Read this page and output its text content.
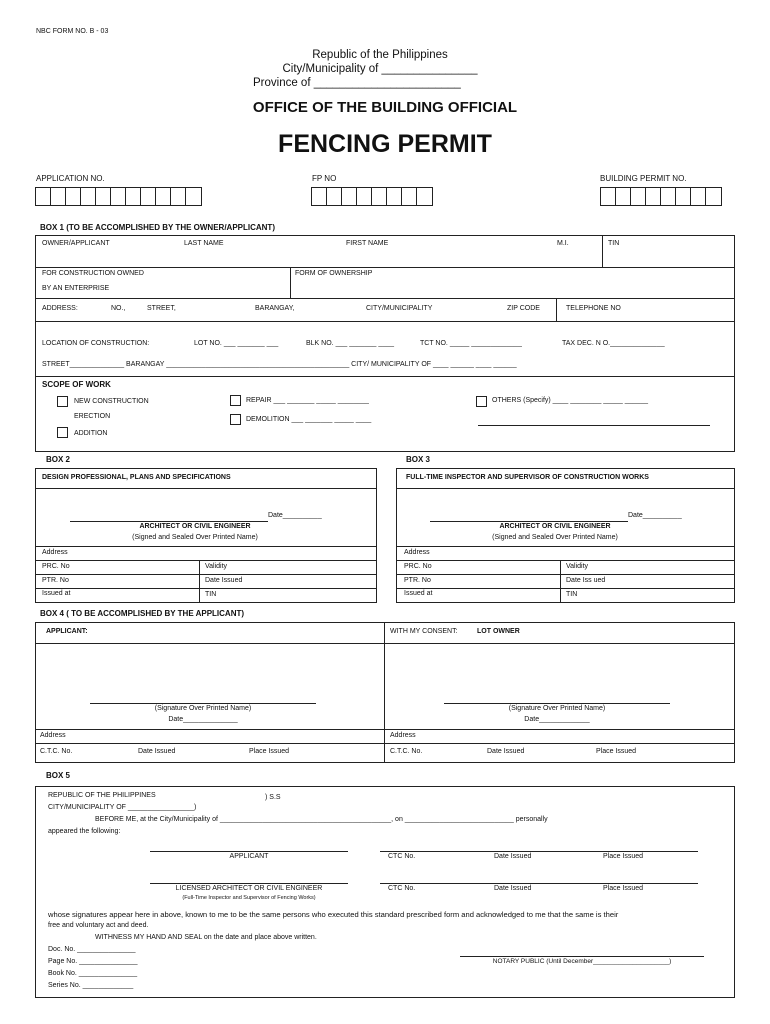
NBC FORM NO. B - 03
Republic of the Philippines
City/Municipality of _______________
Province of _______________________
OFFICE OF THE BUILDING OFFICIAL
FENCING PERMIT
APPLICATION NO.	FP NO	BUILDING PERMIT NO.
BOX 1 (TO BE ACCOMPLISHED BY THE OWNER/APPLICANT)
OWNER/APPLICANT	LAST NAME	FIRST NAME	M.I.	TIN
FOR CONSTRUCTION OWNED
BY AN ENTERPRISE
FORM OF OWNERSHIP
ADDRESS:	NO.,	STREET,	BARANGAY,	CITY/MUNICIPALITY	ZIP CODE	TELEPHONE NO
LOCATION OF CONSTRUCTION:	LOT NO. ___ _______ ___	BLK NO. ___ _______ ____	TCT NO. _____ _____________	TAX DEC. N O.______________
STREET______________ BARANGAY _______________________________________________ CITY/ MUNICIPALITY OF ____ ______ ____ ______
SCOPE OF WORK
NEW CONSTRUCTION
ERECTION
ADDITION
REPAIR ___ _______ _____ ________
DEMOLITION ___ _______ _____ ____
OTHERS (Specify) ____ ________ _____ ______
BOX 2	BOX 3
DESIGN PROFESSIONAL, PLANS AND SPECIFICATIONS
Date__________
ARCHITECT OR CIVIL ENGINEER
(Signed and Sealed Over Printed Name)
Address
PRC. No	Validity
PTR. No	Date Issued
Issued at	TIN
FULL-TIME INSPECTOR AND SUPERVISOR OF CONSTRUCTION WORKS
Date__________
ARCHITECT OR CIVIL ENGINEER
(Signed and Sealed Over Printed Name)
Address
PRC. No	Validity
PTR. No	Date Iss ued
Issued at	TIN
BOX 4 ( TO BE ACCOMPLISHED BY THE APPLICANT)
APPLICANT:	WITH MY CONSENT:	LOT OWNER
(Signature Over Printed Name)
Date______________
(Signature Over Printed Name)
Date_____________
Address	Address
C.T.C. No.	Date Issued	Place Issued	C.T.C. No.	Date Issued	Place Issued
BOX 5
REPUBLIC OF THE PHILIPPINES	) S.S
CITY/MUNICIPALITY OF _________________)
BEFORE ME, at the City/Municipality of ____________________________________________, on ____________________________ personally
appeared the following:
APPLICANT	CTC No.	Date Issued	Place Issued
LICENSED ARCHITECT OR CIVIL ENGINEER
(Full-Time Inspector and Supervisor of Fencing Works)
CTC No.	Date Issued	Place Issued
whose signatures appear here in above, known to me to be the same persons who executed this standard prescribed form and acknowledged to me that the same is their
free and voluntary act and deed.
WITHNESS MY HAND AND SEAL on the date and place above written.
Doc. No. _______________
Page No. _______________
Book No. _______________
Series No. _____________
NOTARY PUBLIC (Until December_____________________)
